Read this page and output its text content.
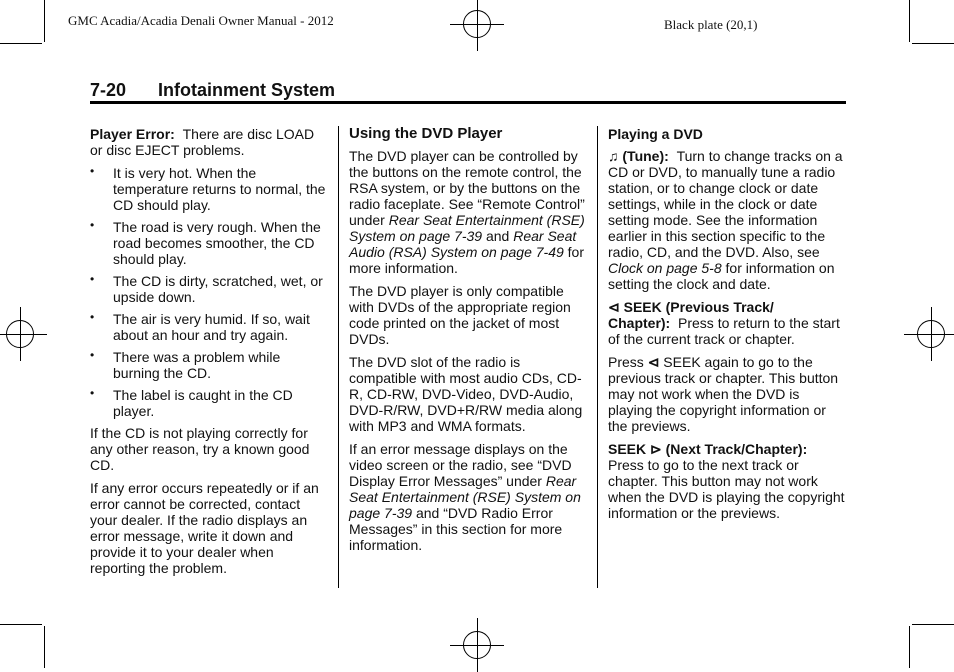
GMC Acadia/Acadia Denali Owner Manual - 2012	Black plate (20,1)
7-20 Infotainment System

Player Error: There are disc LOAD or disc EJECT problems.

• It is very hot. When the temperature returns to normal, the CD should play.
• The road is very rough. When the road becomes smoother, the CD should play.
• The CD is dirty, scratched, wet, or upside down.
• The air is very humid. If so, wait about an hour and try again.
• There was a problem while burning the CD.
• The label is caught in the CD player.

If the CD is not playing correctly for any other reason, try a known good CD.

If any error occurs repeatedly or if an error cannot be corrected, contact your dealer. If the radio displays an error message, write it down and provide it to your dealer when reporting the problem.

Using the DVD Player

The DVD player can be controlled by the buttons on the remote control, the RSA system, or by the buttons on the radio faceplate. See “Remote Control” under Rear Seat Entertainment (RSE) System on page 7-39 and Rear Seat Audio (RSA) System on page 7-49 for more information.

The DVD player is only compatible with DVDs of the appropriate region code printed on the jacket of most DVDs.

The DVD slot of the radio is compatible with most audio CDs, CD-R, CD-RW, DVD-Video, DVD-Audio, DVD-R/RW, DVD+R/RW media along with MP3 and WMA formats.

If an error message displays on the video screen or the radio, see “DVD Display Error Messages” under Rear Seat Entertainment (RSE) System on page 7-39 and “DVD Radio Error Messages” in this section for more information.

Playing a DVD

♫ (Tune): Turn to change tracks on a CD or DVD, to manually tune a radio station, or to change clock or date settings, while in the clock or date setting mode. See the information earlier in this section specific to the radio, CD, and the DVD. Also, see Clock on page 5-8 for information on setting the clock and date.

⊲ SEEK (Previous Track/ Chapter): Press to return to the start of the current track or chapter.

Press ⊲ SEEK again to go to the previous track or chapter. This button may not work when the DVD is playing the copyright information or the previews.

SEEK ⊳ (Next Track/Chapter):
Press to go to the next track or chapter. This button may not work when the DVD is playing the copyright information or the previews.
